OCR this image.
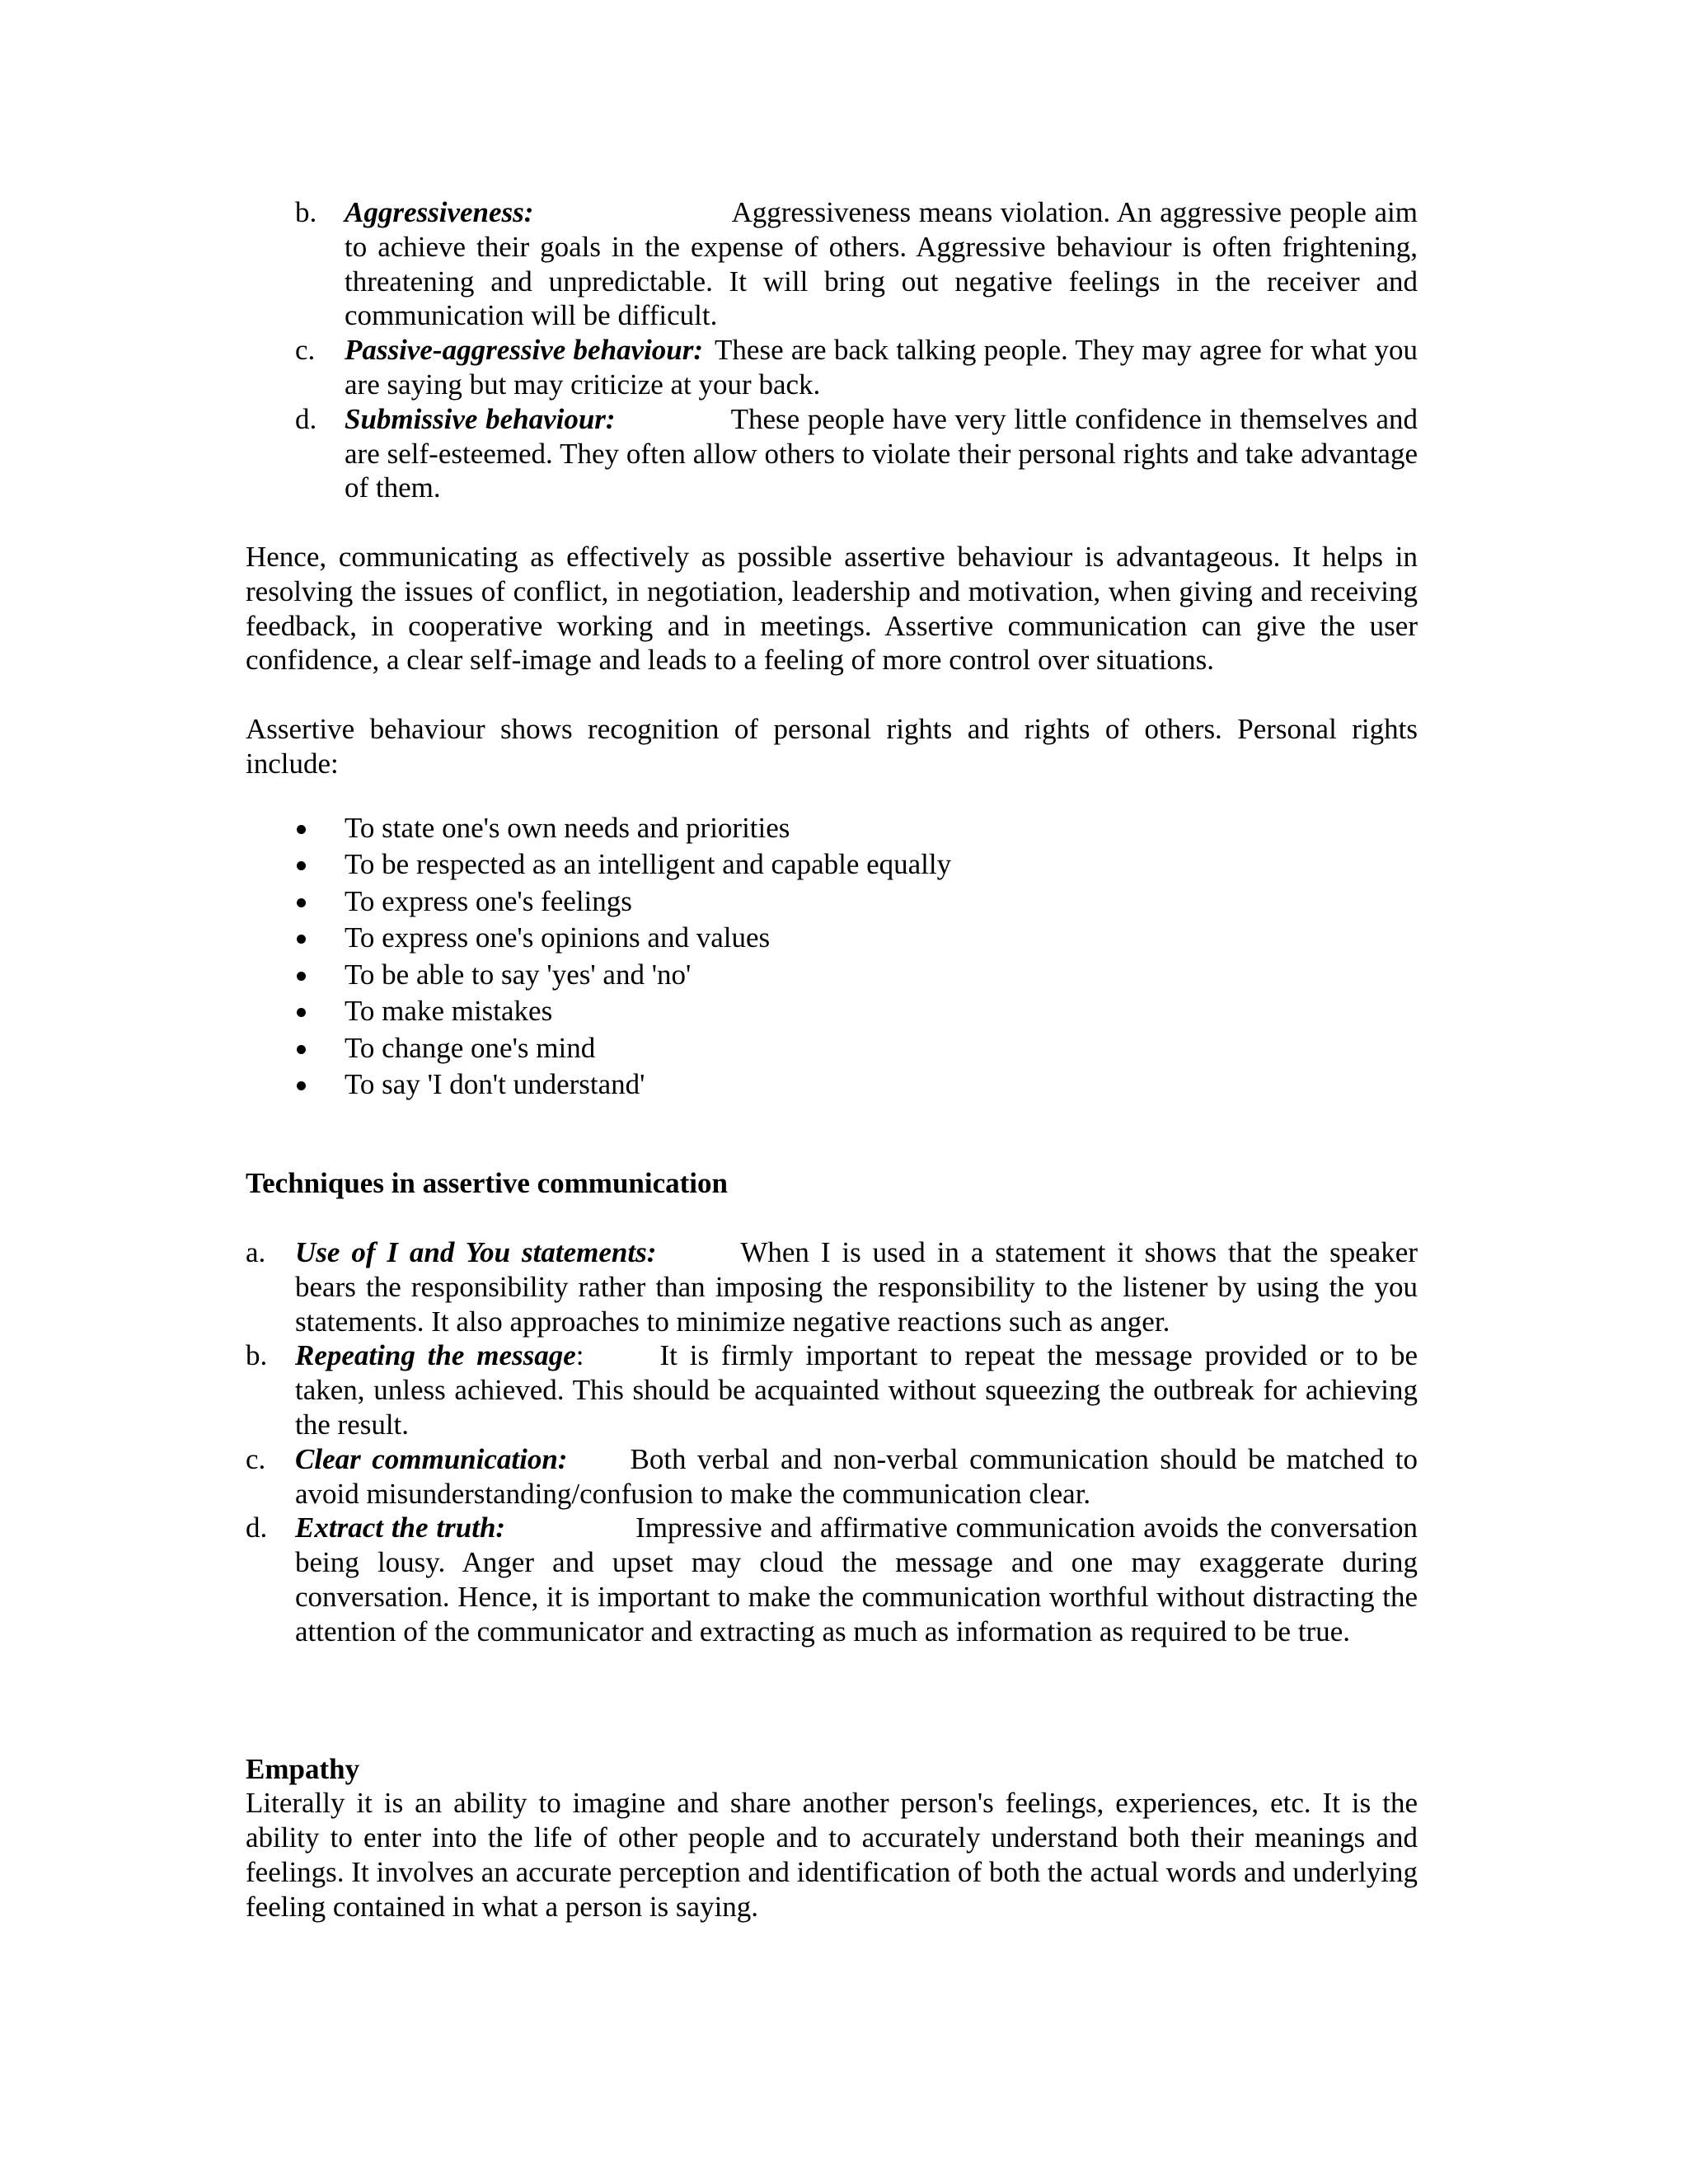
b. Aggressiveness:	Aggressiveness means violation. An aggressive people aim to achieve their goals in the expense of others. Aggressive behaviour is often frightening, threatening and unpredictable. It will bring out negative feelings in the receiver and communication will be difficult.
c. Passive-aggressive behaviour: These are back talking people. They may agree for what you are saying but may criticize at your back.
d. Submissive behaviour:	These people have very little confidence in themselves and are self-esteemed. They often allow others to violate their personal rights and take advantage of them.

Hence, communicating as effectively as possible assertive behaviour is advantageous. It helps in resolving the issues of conflict, in negotiation, leadership and motivation, when giving and receiving feedback, in cooperative working and in meetings. Assertive communication can give the user confidence, a clear self-image and leads to a feeling of more control over situations.

Assertive behaviour shows recognition of personal rights and rights of others. Personal rights include:

To state one's own needs and priorities
To be respected as an intelligent and capable equally
To express one's feelings
To express one's opinions and values
To be able to say 'yes' and 'no'
To make mistakes
To change one's mind
To say 'I don't understand'

Techniques in assertive communication

a. Use of I and You statements:	When I is used in a statement it shows that the speaker bears the responsibility rather than imposing the responsibility to the listener by using the you statements. It also approaches to minimize negative reactions such as anger.
b. Repeating the message:	It is firmly important to repeat the message provided or to be taken, unless achieved. This should be acquainted without squeezing the outbreak for achieving the result.
c. Clear communication: Both verbal and non-verbal communication should be matched to avoid misunderstanding/confusion to make the communication clear.
d. Extract the truth:	Impressive and affirmative communication avoids the conversation being lousy. Anger and upset may cloud the message and one may exaggerate during conversation. Hence, it is important to make the communication worthful without distracting the attention of the communicator and extracting as much as information as required to be true.

Empathy

Literally it is an ability to imagine and share another person's feelings, experiences, etc. It is the ability to enter into the life of other people and to accurately understand both their meanings and feelings. It involves an accurate perception and identification of both the actual words and underlying feeling contained in what a person is saying.
